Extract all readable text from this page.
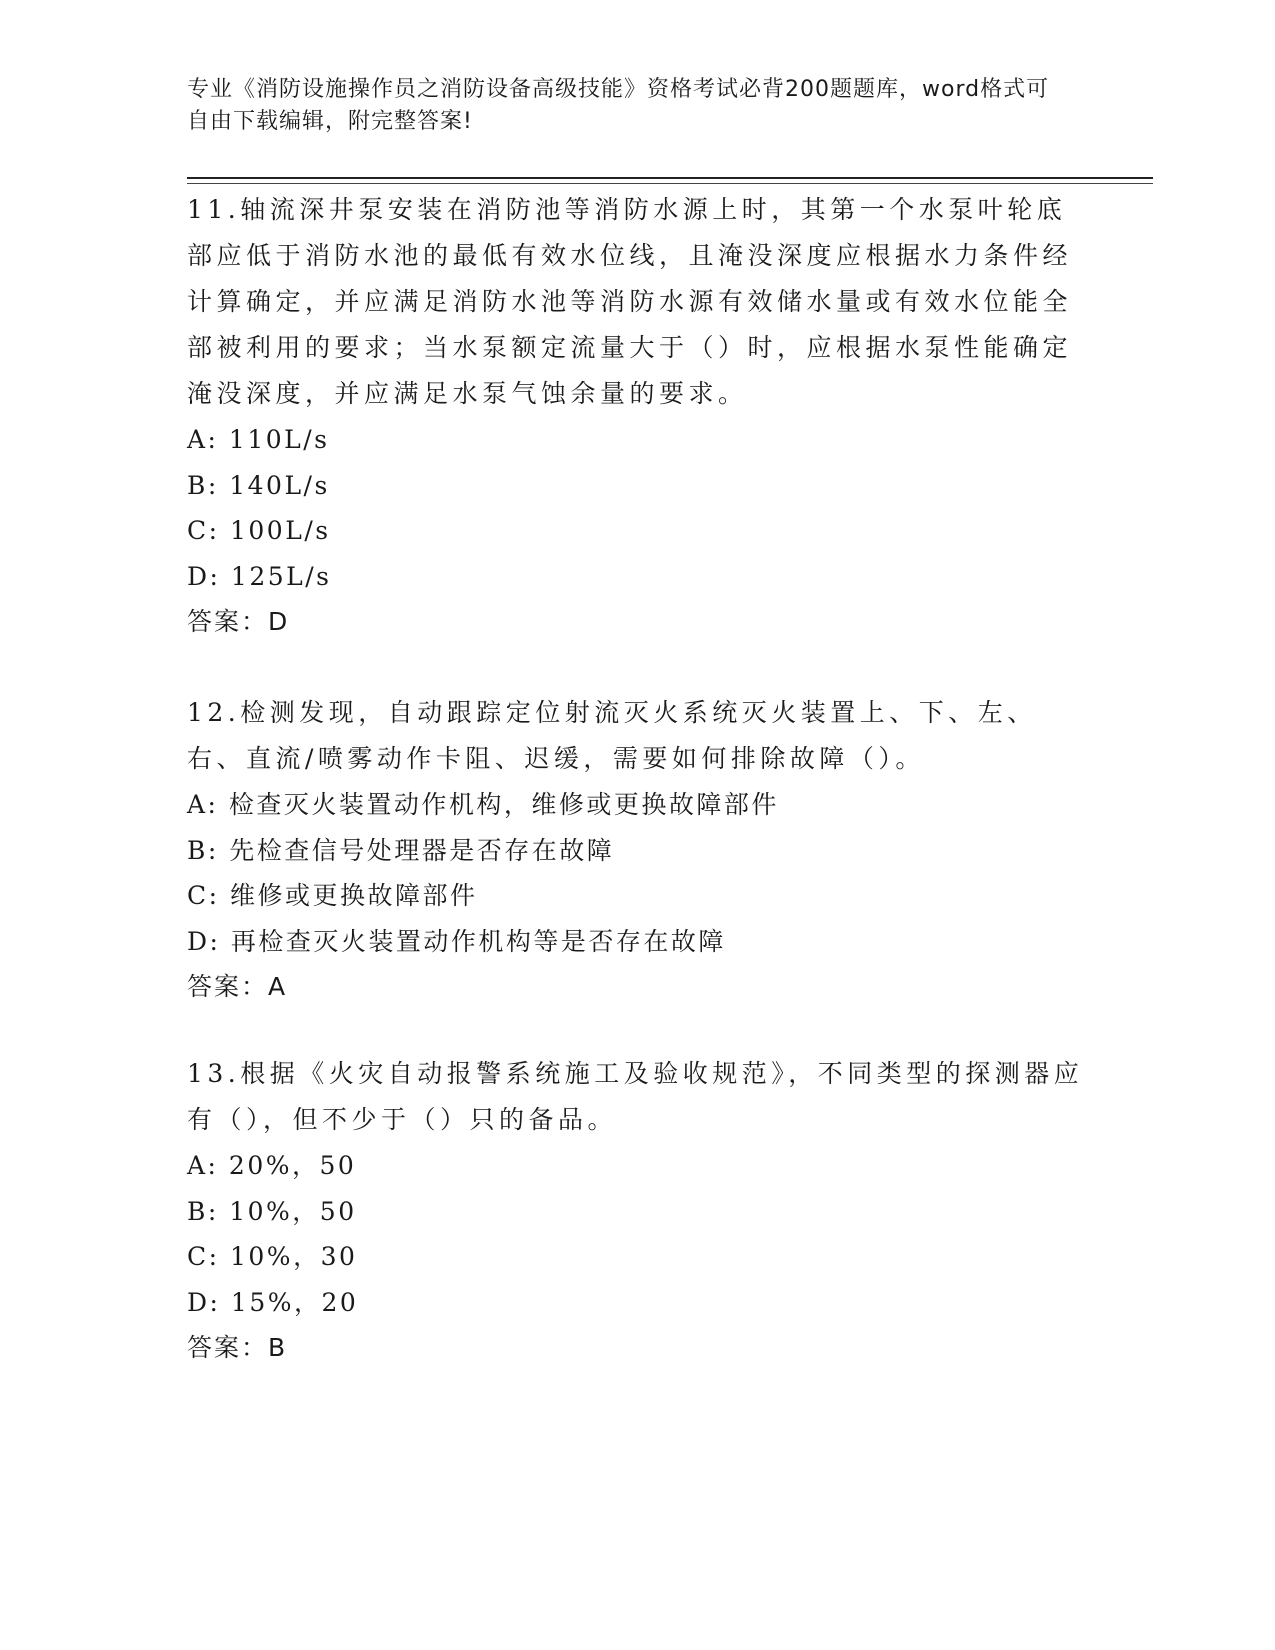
专业《消防设施操作员之消防设备高级技能》资格考试必背200题题库，word格式可自由下载编辑，附完整答案!

11.轴流深井泵安装在消防池等消防水源上时，其第一个水泵叶轮底部应低于消防水池的最低有效水位线，且淹没深度应根据水力条件经计算确定，并应满足消防水池等消防水源有效储水量或有效水位能全部被利用的要求；当水泵额定流量大于（）时，应根据水泵性能确定淹没深度，并应满足水泵气蚀余量的要求。

A: 110L/s

B: 140L/s

C: 100L/s

D: 125L/s

答案：D

12.检测发现，自动跟踪定位射流灭火系统灭火装置上、下、左、右、直流/喷雾动作卡阻、迟缓，需要如何排除故障（）。

A: 检查灭火装置动作机构，维修或更换故障部件

B: 先检查信号处理器是否存在故障

C: 维修或更换故障部件

D: 再检查灭火装置动作机构等是否存在故障

答案：A

13.根据《火灾自动报警系统施工及验收规范》，不同类型的探测器应有（），但不少于（）只的备品。

A: 20%，50

B: 10%，50

C: 10%，30

D: 15%，20

答案：B
